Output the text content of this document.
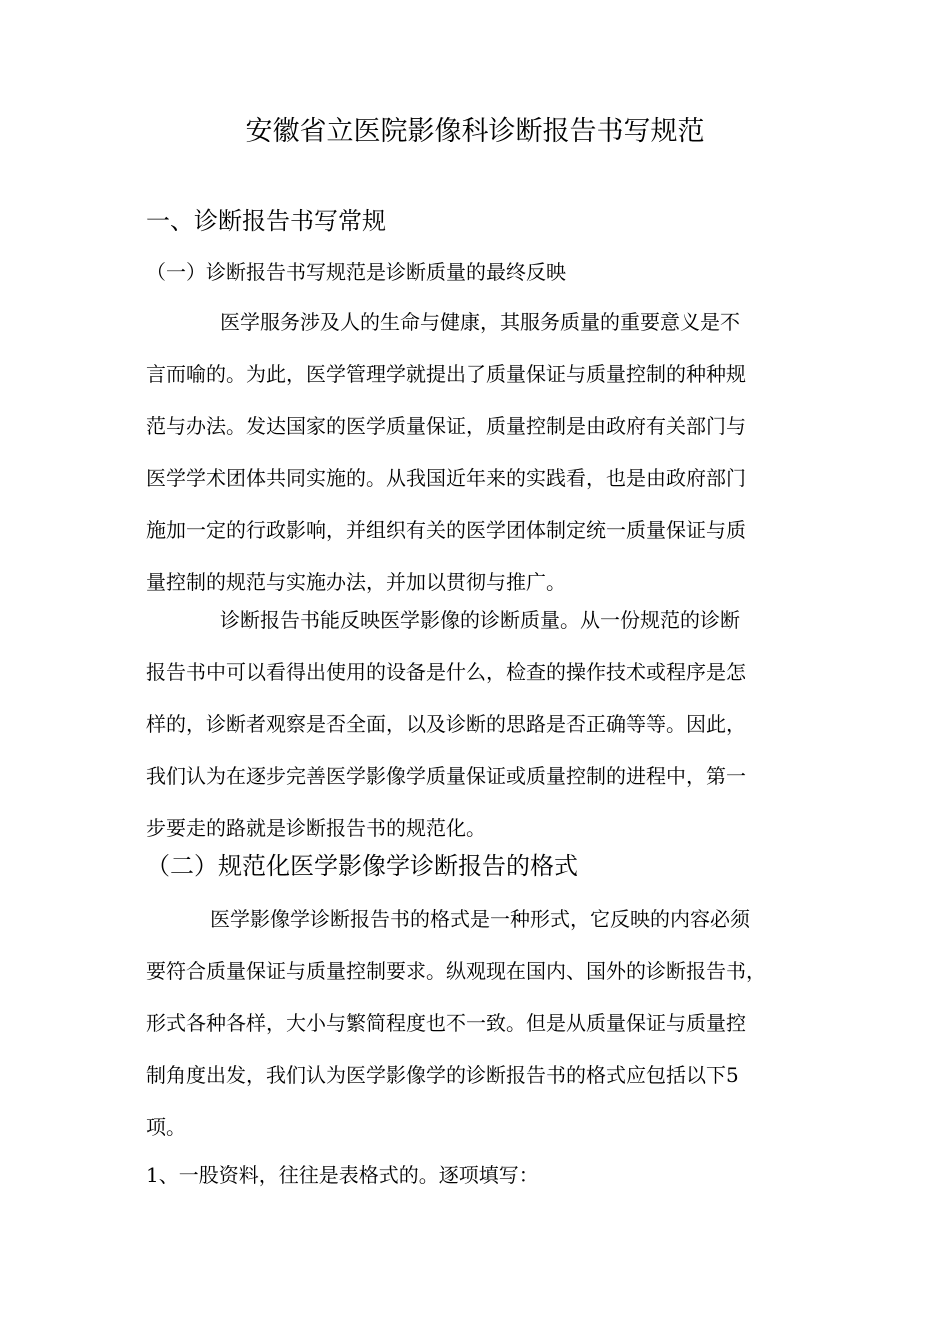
安徽省立医院影像科诊断报告书写规范
一、诊断报告书写常规
（一）诊断报告书写规范是诊断质量的最终反映
医学服务涉及人的生命与健康，其服务质量的重要意义是不
言而喻的。为此，医学管理学就提出了质量保证与质量控制的种种规
范与办法。发达国家的医学质量保证，质量控制是由政府有关部门与
医学学术团体共同实施的。从我国近年来的实践看，也是由政府部门
施加一定的行政影响，并组织有关的医学团体制定统一质量保证与质
量控制的规范与实施办法，并加以贯彻与推广。
诊断报告书能反映医学影像的诊断质量。从一份规范的诊断
报告书中可以看得出使用的设备是什么，检查的操作技术或程序是怎
样的，诊断者观察是否全面，以及诊断的思路是否正确等等。因此，
我们认为在逐步完善医学影像学质量保证或质量控制的进程中，第一
步要走的路就是诊断报告书的规范化。
（二）规范化医学影像学诊断报告的格式
医学影像学诊断报告书的格式是一种形式，它反映的内容必须
要符合质量保证与质量控制要求。纵观现在国内、国外的诊断报告书，
形式各种各样，大小与繁简程度也不一致。但是从质量保证与质量控
制角度出发，我们认为医学影像学的诊断报告书的格式应包括以下5
项。
1、一股资料，往往是表格式的。逐项填写：
